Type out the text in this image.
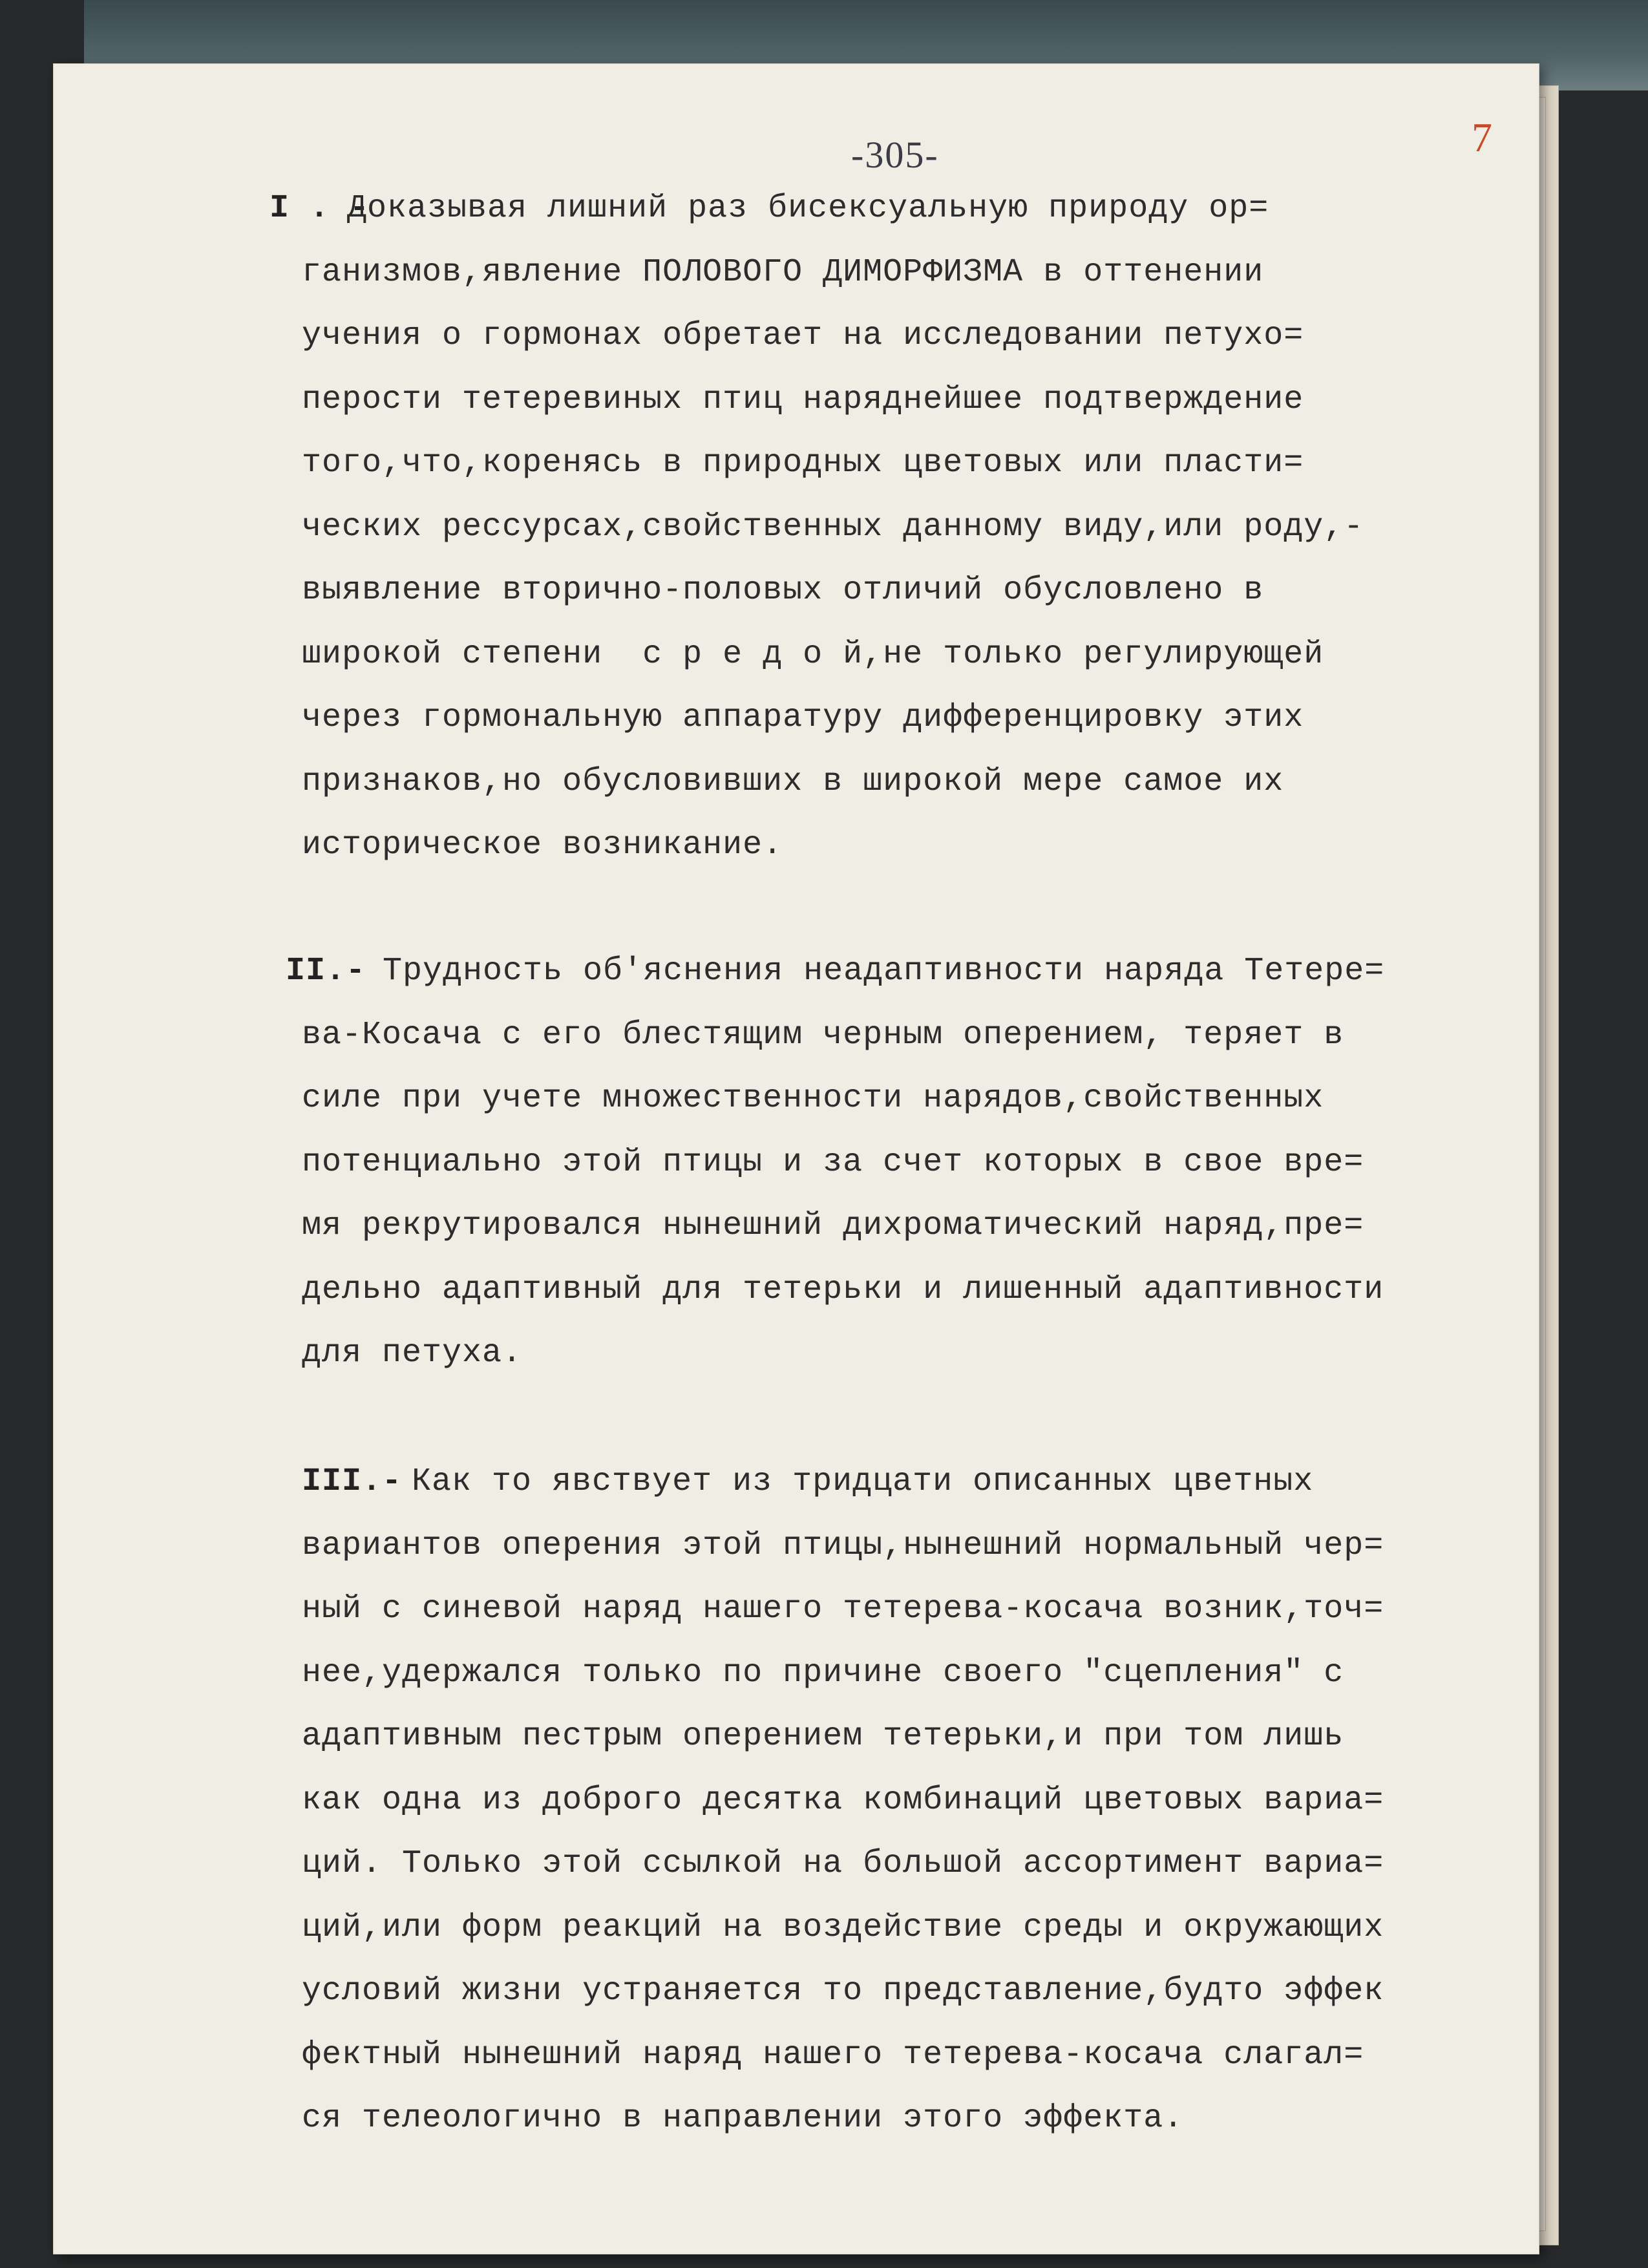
-305-	7
I . -
Доказывая лишний раз бисексуальную природу ор=
ганизмов,явление ПОЛОВОГО ДИМОРФИЗМА в оттенении
учения о гормонах обретает на исследовании петухо=
перости тетеревиных птиц наряднейшее подтверждение
того,что,коренясь в природных цветовых или пласти=
ческих рессурсах,свойственных данному виду,или роду,-
выявление вторично-половых отличий обусловлено в
широкой степени  с р е д о й,не только регулирующей
через гормональную аппаратуру дифференцировку этих
признаков,но обусловивших в широкой мере самое их
историческое возникание.
II.- Трудность об'яснения неадаптивности наряда Тетере=
ва-Косача с его блестящим черным оперением, теряет в
силе при учете множественности нарядов,свойственных
потенциально этой птицы и за счет которых в свое вре=
мя рекрутировался нынешний дихроматический наряд,пре=
дельно адаптивный для тетерьки и лишенный адаптивности
для петуха.
III.- Как то явствует из тридцати описанных цветных
вариантов оперения этой птицы,нынешний нормальный чер=
ный с синевой наряд нашего тетерева-косача возник,точ=
нее,удержался только по причине своего "сцепления" с
адаптивным пестрым оперением тетерьки,и при том лишь
как одна из доброго десятка комбинаций цветовых вариа=
ций. Только этой ссылкой на большой ассортимент вариа=
ций,или форм реакций на воздействие среды и окружающих
условий жизни устраняется то представление,будто эффек
фектный нынешний наряд нашего тетерева-косача слагал=
ся телеологично в направлении этого эффекта.
